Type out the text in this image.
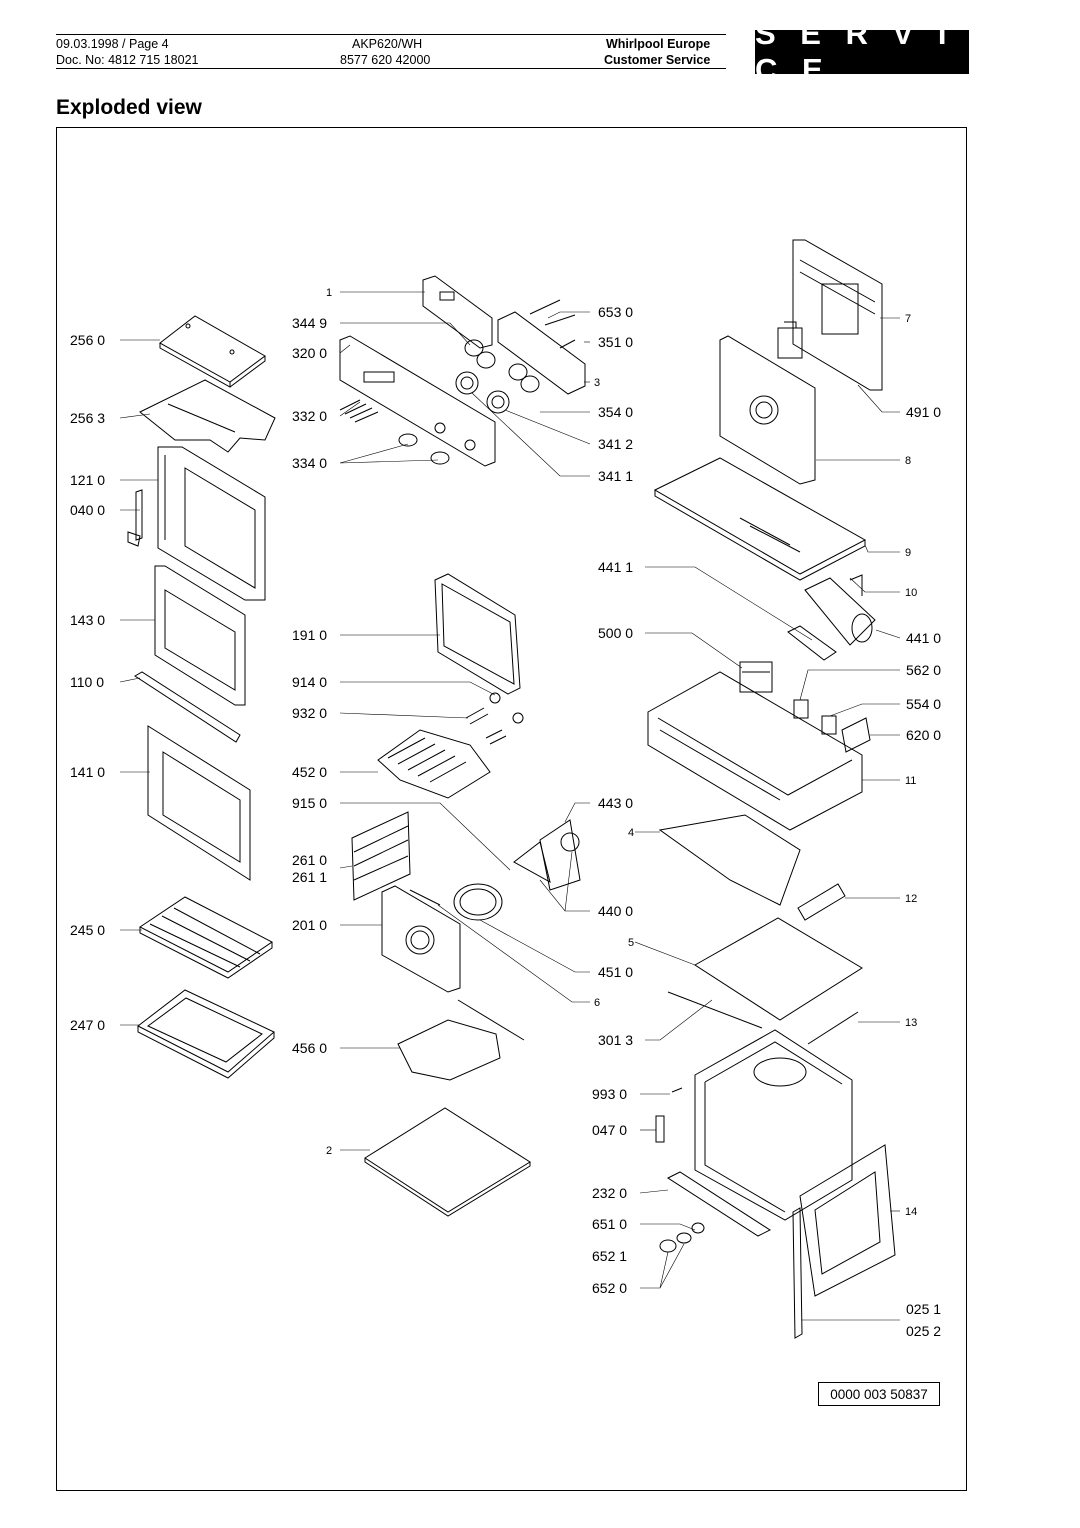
09.03.1998 / Page 4
Doc. No: 4812 715 18021
AKP620/WH
8577 620 42000
Whirlpool Europe
Customer Service
S E R V I C E
Exploded view
256 0
256 3
121 0
040 0
143 0
110 0
141 0
245 0
247 0
1
344 9
320 0
332 0
334 0
191 0
914 0
932 0
452 0
915 0
261 0
261 1
201 0
456 0
2
653 0
351 0
3
354 0
341 2
341 1
441 1
500 0
443 0
4
440 0
5
451 0
6
301 3
993 0
047 0
232 0
651 0
652 1
652 0
7
491 0
8
9
10
441 0
562 0
554 0
620 0
11
12
13
14
025 1
025 2
0000 003 50837
